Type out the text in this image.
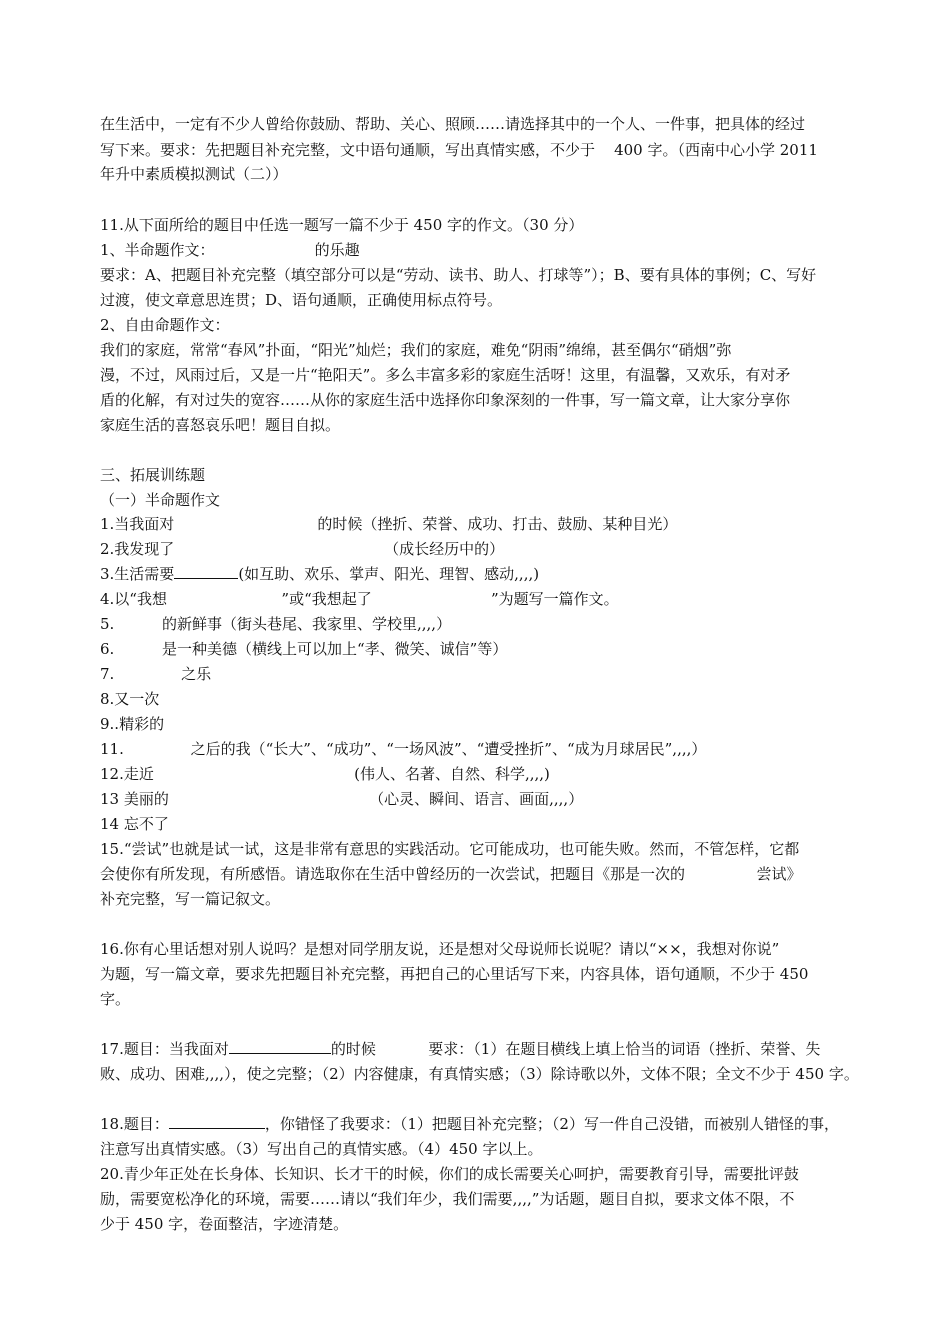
在生活中，一定有不少人曾给你鼓励、帮助、关心、照顾……请选择其中的一个人、一件事，把具体的经过
写下来。要求：先把题目补充完整，文中语句通顺，写出真情实感，不少于    400 字。（西南中心小学 2011
年升中素质模拟测试（二））
11.从下面所给的题目中任选一题写一篇不少于 450 字的作文。（30 分）
1、半命题作文：                     的乐趣
要求：A、把题目补充完整（填空部分可以是“劳动、读书、助人、打球等”）；B、要有具体的事例；C、写好
过渡，使文章意思连贯；D、语句通顺，正确使用标点符号。
2、自由命题作文：
我们的家庭，常常“春风”扑面，“阳光”灿烂；我们的家庭，难免“阴雨”绵绵，甚至偶尔“硝烟”弥
漫，不过，风雨过后，又是一片“艳阳天”。多么丰富多彩的家庭生活呀！这里，有温馨，又欢乐，有对矛
盾的化解，有对过失的宽容……从你的家庭生活中选择你印象深刻的一件事，写一篇文章，让大家分享你
家庭生活的喜怒哀乐吧！题目自拟。
三、拓展训练题
（一）半命题作文
1.当我面对                              的时候（挫折、荣誉、成功、打击、鼓励、某种目光）
2.我发现了                                            （成长经历中的）
3.生活需要	(如互助、欢乐、掌声、阳光、理智、感动,,,,)
4.以“我想                        ”或“我想起了                         ”为题写一篇作文。
5.          的新鲜事（街头巷尾、我家里、学校里,,,,）
6.          是一种美德（横线上可以加上“孝、微笑、诚信”等）
7.              之乐
8.又一次
9..精彩的
11.              之后的我（“长大”、“成功”、“一场风波”、“遭受挫折”、“成为月球居民”,,,,）
12.走近                                          (伟人、名著、自然、科学,,,,)
13 美丽的                                          （心灵、瞬间、语言、画面,,,,）
14 忘不了
15.“尝试”也就是试一试，这是非常有意思的实践活动。它可能成功，也可能失败。然而，不管怎样，它都
会使你有所发现，有所感悟。请选取你在生活中曾经历的一次尝试，把题目《那是一次的               尝试》
补充完整，写一篇记叙文。
16.你有心里话想对别人说吗？是想对同学朋友说，还是想对父母说师长说呢？请以“××，我想对你说”
为题，写一篇文章，要求先把题目补充完整，再把自己的心里话写下来，内容具体，语句通顺，不少于 450
字。
17.题目：当我面对	的时候           要求：（1）在题目横线上填上恰当的词语（挫折、荣誉、失
败、成功、困难,,,,），使之完整；（2）内容健康，有真情实感；（3）除诗歌以外，文体不限；全文不少于 450 字。
18.题目：	，你错怪了我要求：（1）把题目补充完整；（2）写一件自己没错，而被别人错怪的事，
注意写出真情实感。（3）写出自己的真情实感。（4）450 字以上。
20.青少年正处在长身体、长知识、长才干的时候，你们的成长需要关心呵护，需要教育引导，需要批评鼓
励，需要宽松净化的环境，需要……请以“我们年少，我们需要,,,,”为话题，题目自拟，要求文体不限，不
少于 450 字，卷面整洁，字迹清楚。
